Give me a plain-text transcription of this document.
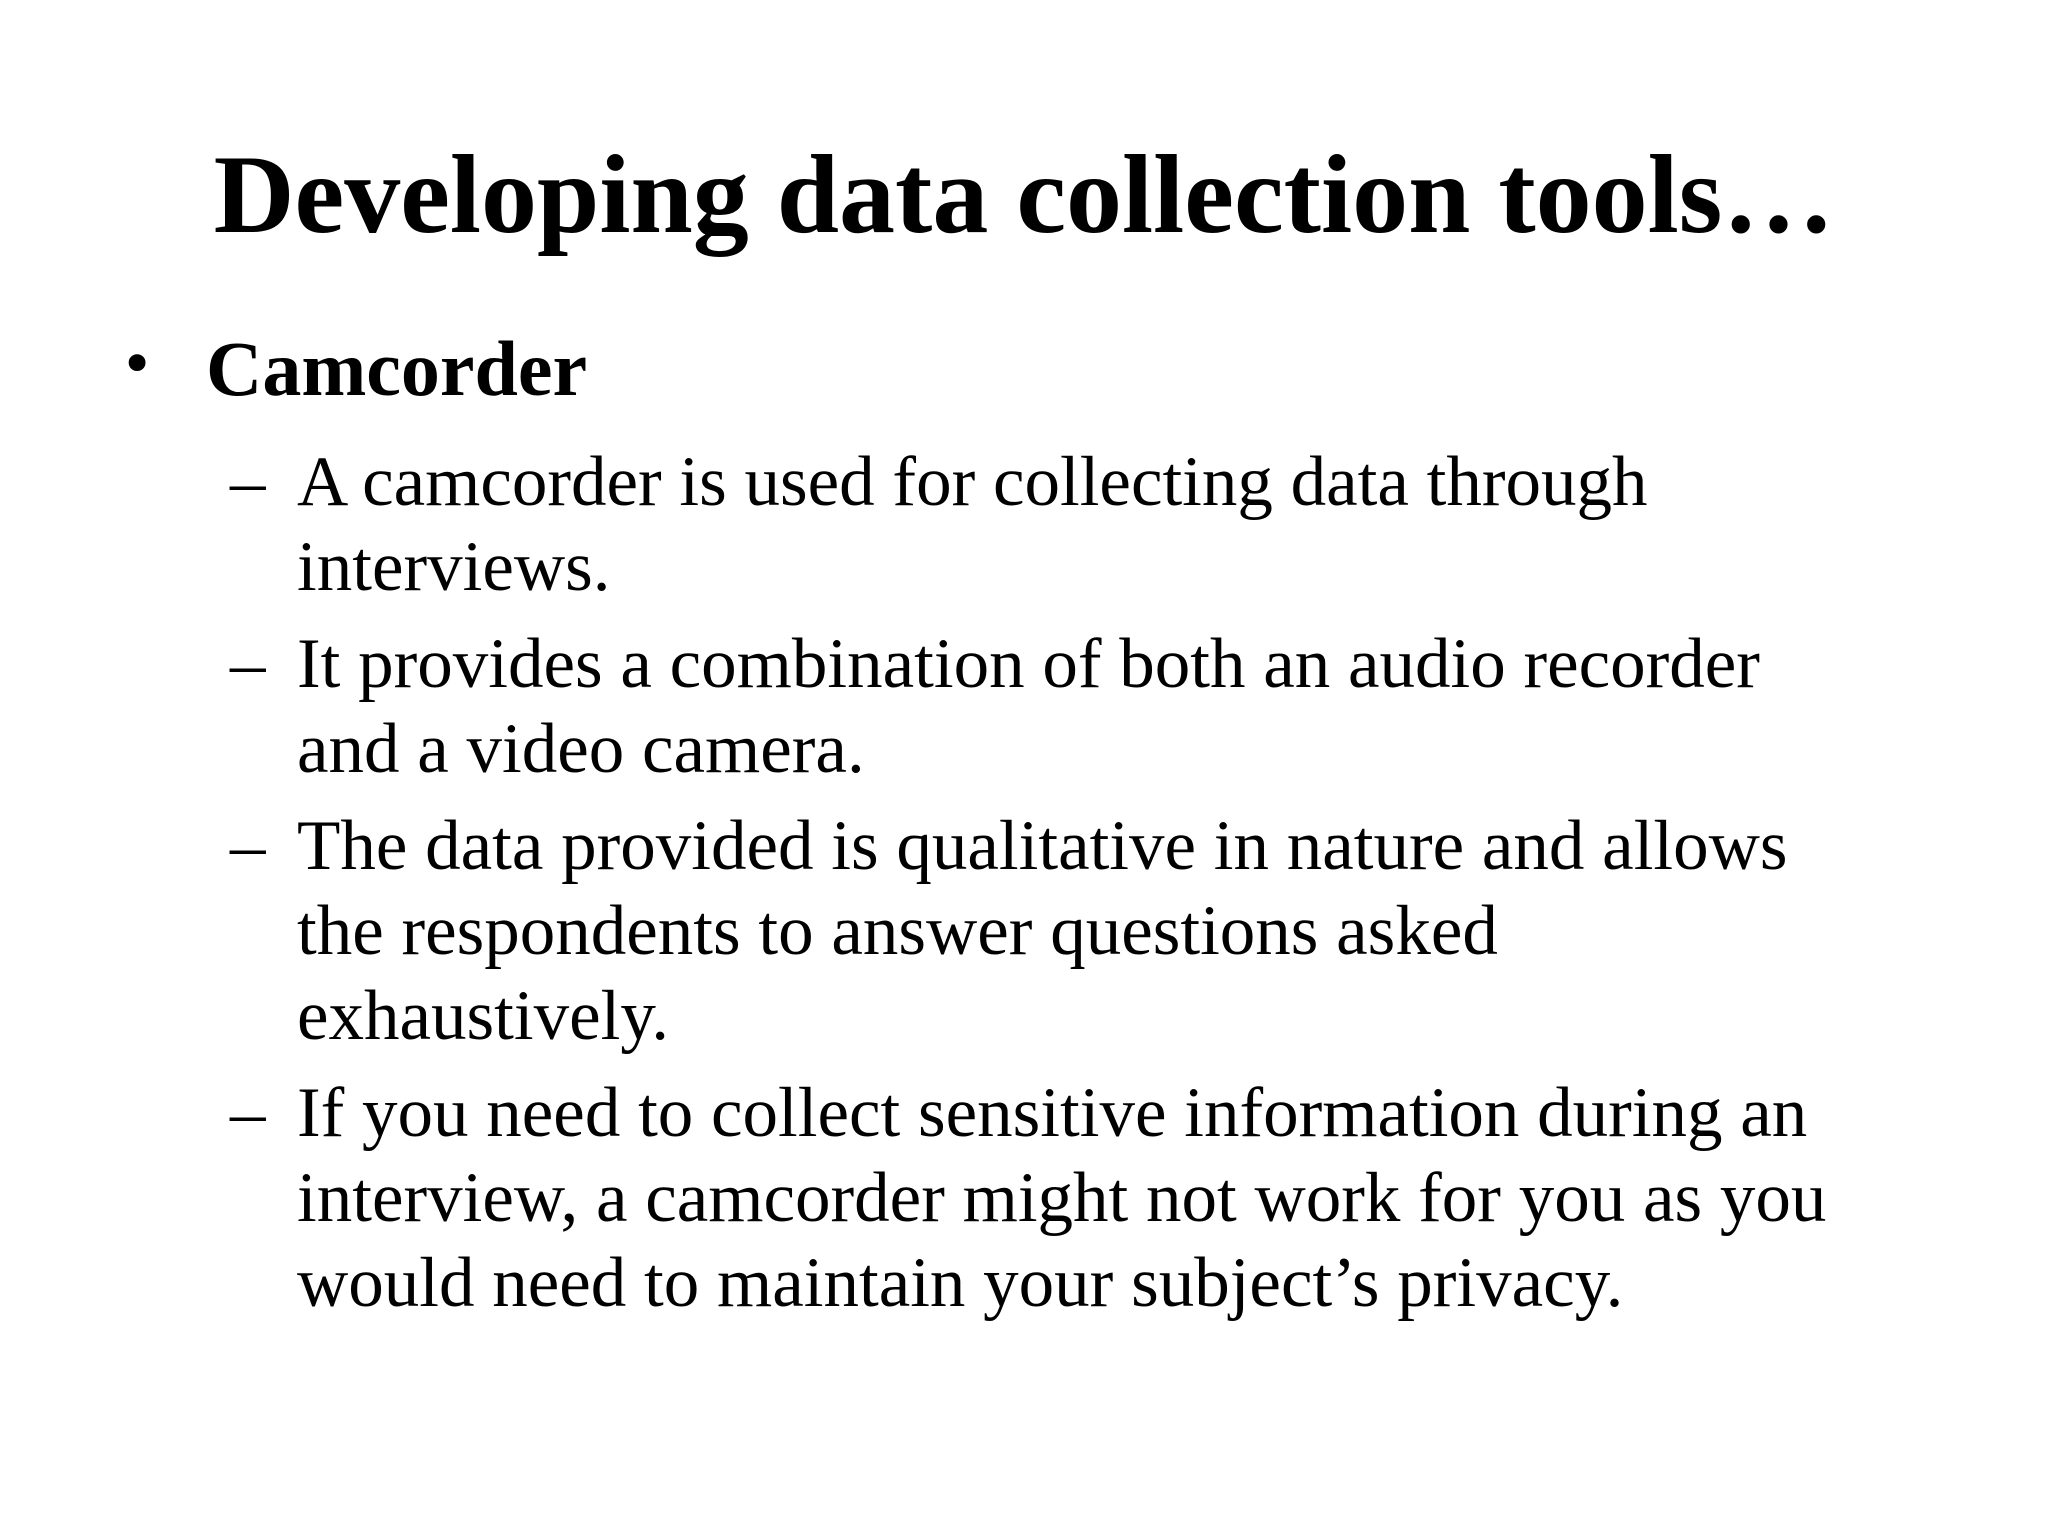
Developing data collection tools…
• Camcorder
– A camcorder is used for collecting data through
interviews.
– It provides a combination of both an audio recorder
and a video camera.
– The data provided is qualitative in nature and allows
the respondents to answer questions asked
exhaustively.
– If you need to collect sensitive information during an
interview, a camcorder might not work for you as you
would need to maintain your subject’s privacy.
